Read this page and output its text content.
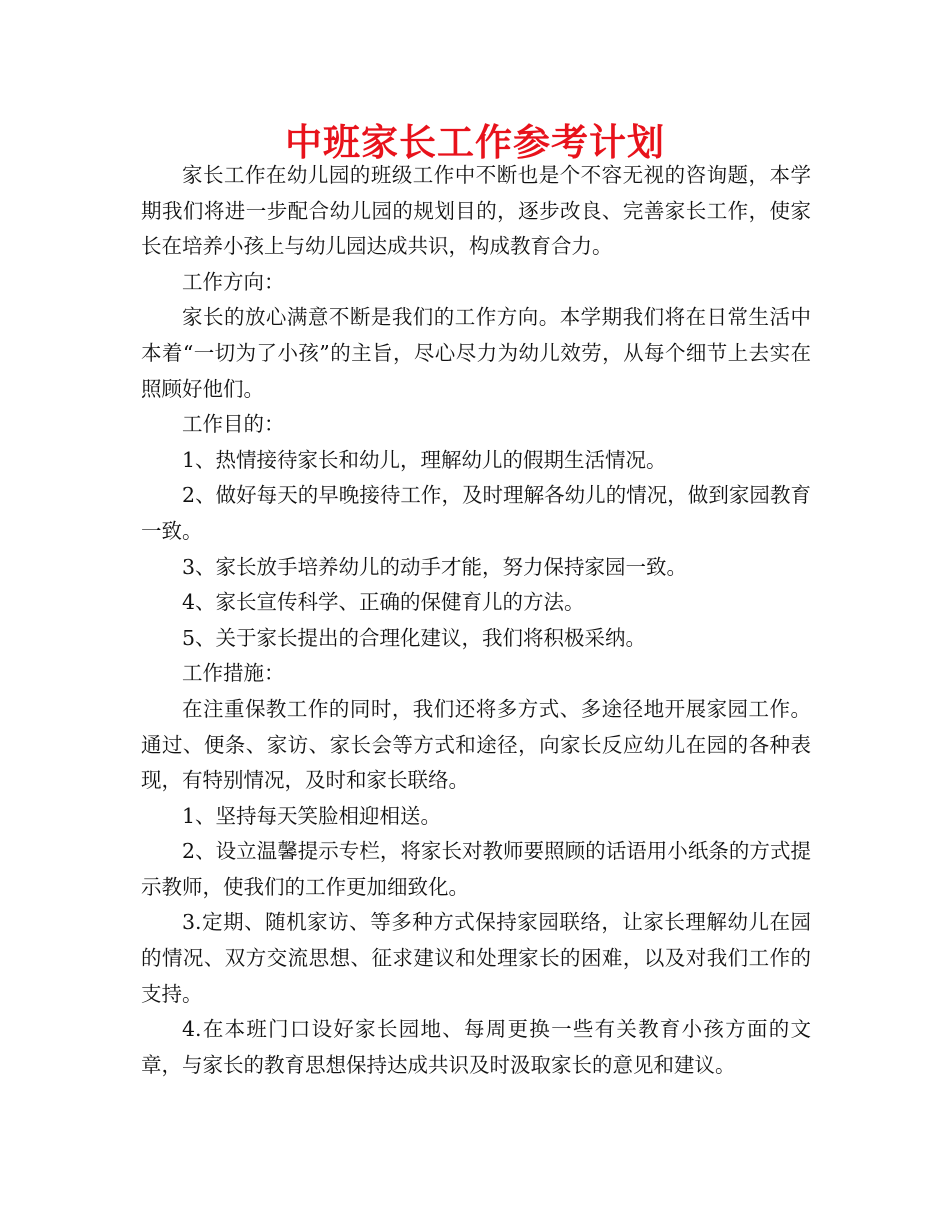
中班家长工作参考计划

家长工作在幼儿园的班级工作中不断也是个不容无视的咨询题，本学期我们将进一步配合幼儿园的规划目的，逐步改良、完善家长工作，使家长在培养小孩上与幼儿园达成共识，构成教育合力。

工作方向：

家长的放心满意不断是我们的工作方向。本学期我们将在日常生活中本着“一切为了小孩”的主旨，尽心尽力为幼儿效劳，从每个细节上去实在照顾好他们。

工作目的：

1、热情接待家长和幼儿，理解幼儿的假期生活情况。

2、做好每天的早晚接待工作，及时理解各幼儿的情况，做到家园教育一致。

3、家长放手培养幼儿的动手才能，努力保持家园一致。

4、家长宣传科学、正确的保健育儿的方法。

5、关于家长提出的合理化建议，我们将积极采纳。

工作措施：

在注重保教工作的同时，我们还将多方式、多途径地开展家园工作。通过、便条、家访、家长会等方式和途径，向家长反应幼儿在园的各种表现，有特别情况，及时和家长联络。

1、坚持每天笑脸相迎相送。

2、设立温馨提示专栏，将家长对教师要照顾的话语用小纸条的方式提示教师，使我们的工作更加细致化。

3.定期、随机家访、等多种方式保持家园联络，让家长理解幼儿在园的情况、双方交流思想、征求建议和处理家长的困难，以及对我们工作的支持。

4.在本班门口设好家长园地、每周更换一些有关教育小孩方面的文章，与家长的教育思想保持达成共识及时汲取家长的意见和建议。
